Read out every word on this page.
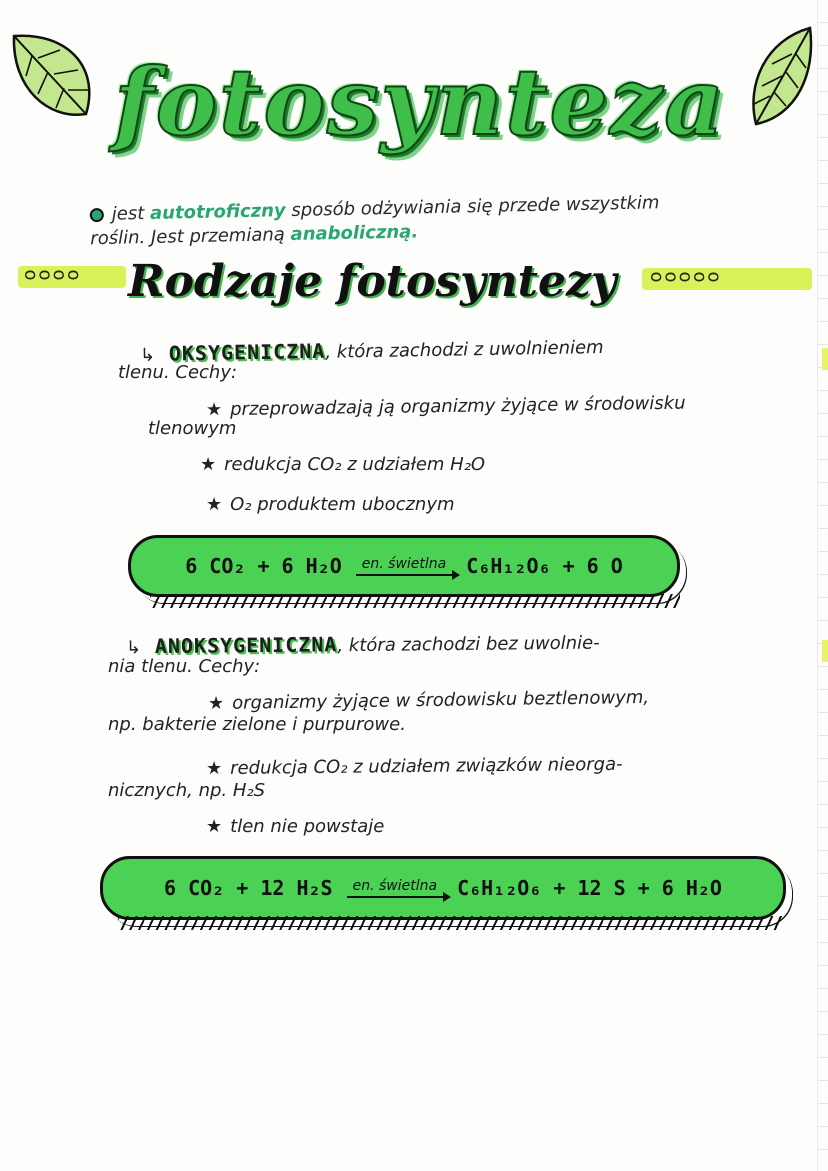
fotosynteza
jest autotroficzny sposób odżywiania się przede wszystkim
roślin. Jest przemianą anaboliczną.
ᴑᴑᴑᴑ	ᴑᴑᴑᴑᴑ
Rodzaje fotosyntezy
↳ OKSYGENICZNA, która zachodzi z uwolnieniem
tlenu. Cechy:
★ przeprowadzają ją organizmy żyjące w środowisku
tlenowym
★ redukcja CO₂ z udziałem H₂O
★ O₂ produktem ubocznym
6 CO₂ + 6 H₂O	en. świetlna	C₆H₁₂O₆ + 6 O
↳ ANOKSYGENICZNA, która zachodzi bez uwolnie-
nia tlenu. Cechy:
★ organizmy żyjące w środowisku beztlenowym,
np. bakterie zielone i purpurowe.
★ redukcja CO₂ z udziałem związków nieorga-
nicznych, np. H₂S
★ tlen nie powstaje
6 CO₂ + 12 H₂S	en. świetlna	C₆H₁₂O₆ + 12 S + 6 H₂O
